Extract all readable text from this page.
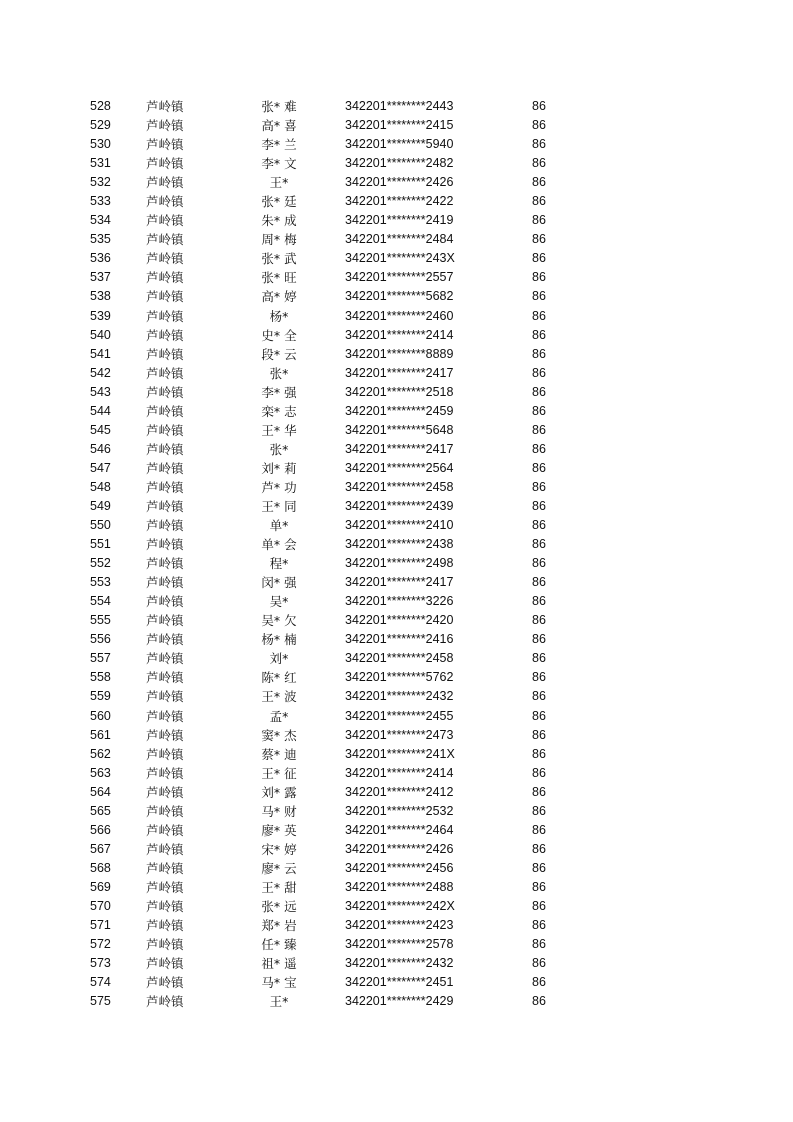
528	芦岭镇	张* 难	342201********2443	86
529	芦岭镇	高* 喜	342201********2415	86
530	芦岭镇	李* 兰	342201********5940	86
531	芦岭镇	李* 文	342201********2482	86
532	芦岭镇	王*	342201********2426	86
533	芦岭镇	张* 廷	342201********2422	86
534	芦岭镇	朱* 成	342201********2419	86
535	芦岭镇	周* 梅	342201********2484	86
536	芦岭镇	张* 武	342201********243X	86
537	芦岭镇	张* 旺	342201********2557	86
538	芦岭镇	高* 婷	342201********5682	86
539	芦岭镇	杨*	342201********2460	86
540	芦岭镇	史* 全	342201********2414	86
541	芦岭镇	段* 云	342201********8889	86
542	芦岭镇	张*	342201********2417	86
543	芦岭镇	李* 强	342201********2518	86
544	芦岭镇	栾* 志	342201********2459	86
545	芦岭镇	王* 华	342201********5648	86
546	芦岭镇	张*	342201********2417	86
547	芦岭镇	刘* 莉	342201********2564	86
548	芦岭镇	芦* 功	342201********2458	86
549	芦岭镇	王* 同	342201********2439	86
550	芦岭镇	单*	342201********2410	86
551	芦岭镇	单* 会	342201********2438	86
552	芦岭镇	程*	342201********2498	86
553	芦岭镇	闵* 强	342201********2417	86
554	芦岭镇	吴*	342201********3226	86
555	芦岭镇	吴* 欠	342201********2420	86
556	芦岭镇	杨* 楠	342201********2416	86
557	芦岭镇	刘*	342201********2458	86
558	芦岭镇	陈* 红	342201********5762	86
559	芦岭镇	王* 波	342201********2432	86
560	芦岭镇	孟*	342201********2455	86
561	芦岭镇	窦* 杰	342201********2473	86
562	芦岭镇	蔡* 迪	342201********241X	86
563	芦岭镇	王* 征	342201********2414	86
564	芦岭镇	刘* 露	342201********2412	86
565	芦岭镇	马* 财	342201********2532	86
566	芦岭镇	廖* 英	342201********2464	86
567	芦岭镇	宋* 婷	342201********2426	86
568	芦岭镇	廖* 云	342201********2456	86
569	芦岭镇	王* 甜	342201********2488	86
570	芦岭镇	张* 远	342201********242X	86
571	芦岭镇	郑* 岩	342201********2423	86
572	芦岭镇	任* 臻	342201********2578	86
573	芦岭镇	祖* 遥	342201********2432	86
574	芦岭镇	马* 宝	342201********2451	86
575	芦岭镇	王*	342201********2429	86
